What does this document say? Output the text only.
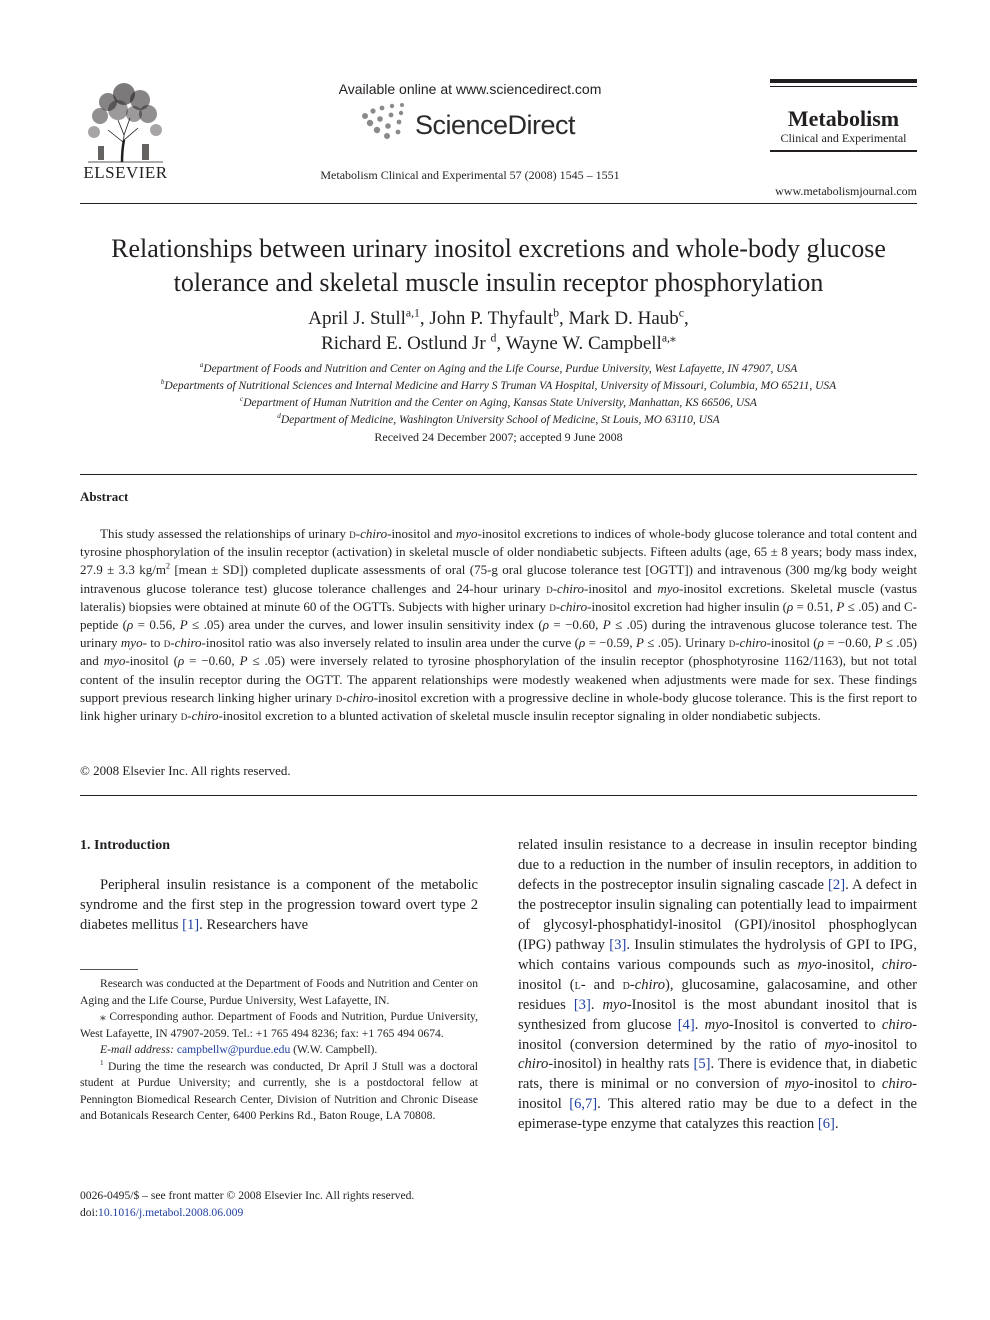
ELSEVIER
Available online at www.sciencedirect.com
ScienceDirect
Metabolism Clinical and Experimental 57 (2008) 1545 – 1551
Metabolism
Clinical and Experimental
www.metabolismjournal.com
Relationships between urinary inositol excretions and whole-body glucose tolerance and skeletal muscle insulin receptor phosphorylation
April J. Stull$^{a,1}$, John P. Thyfault$^b$, Mark D. Haub$^c$,
Richard E. Ostlund Jr $^d$, Wayne W. Campbell$^{a,⁎}$
$^a$Department of Foods and Nutrition and Center on Aging and the Life Course, Purdue University, West Lafayette, IN 47907, USA
$^b$Departments of Nutritional Sciences and Internal Medicine and Harry S Truman VA Hospital, University of Missouri, Columbia, MO 65211, USA
$^c$Department of Human Nutrition and the Center on Aging, Kansas State University, Manhattan, KS 66506, USA
$^d$Department of Medicine, Washington University School of Medicine, St Louis, MO 63110, USA
Received 24 December 2007; accepted 9 June 2008
Abstract
This study assessed the relationships of urinary d-chiro-inositol and myo-inositol excretions to indices of whole-body glucose tolerance and total content and tyrosine phosphorylation of the insulin receptor (activation) in skeletal muscle of older nondiabetic subjects. Fifteen adults (age, 65 ± 8 years; body mass index, 27.9 ± 3.3 $kg/m^2$ [mean ± SD]) completed duplicate assessments of oral (75-g oral glucose tolerance test [OGTT]) and intravenous (300 mg/kg body weight intravenous glucose tolerance test) glucose tolerance challenges and 24-hour urinary d-chiro-inositol and myo-inositol excretions. Skeletal muscle (vastus lateralis) biopsies were obtained at minute 60 of the OGTTs. Subjects with higher urinary d-chiro-inositol excretion had higher insulin (ρ = 0.51, P ≤ .05) and C-peptide (ρ = 0.56, P ≤ .05) area under the curves, and lower insulin sensitivity index (ρ = −0.60, P ≤ .05) during the intravenous glucose tolerance test. The urinary myo- to d-chiro-inositol ratio was also inversely related to insulin area under the curve (ρ = −0.59, P ≤ .05). Urinary d-chiro-inositol (ρ = −0.60, P ≤ .05) and myo-inositol (ρ = −0.60, P ≤ .05) were inversely related to tyrosine phosphorylation of the insulin receptor (phosphotyrosine 1162/1163), but not total content of the insulin receptor during the OGTT. The apparent relationships were modestly weakened when adjustments were made for sex. These findings support previous research linking higher urinary d-chiro-inositol excretion with a progressive decline in whole-body glucose tolerance. This is the first report to link higher urinary d-chiro-inositol excretion to a blunted activation of skeletal muscle insulin receptor signaling in older nondiabetic subjects.
© 2008 Elsevier Inc. All rights reserved.
1. Introduction
Peripheral insulin resistance is a component of the metabolic syndrome and the first step in the progression toward overt type 2 diabetes mellitus [1]. Researchers have
related insulin resistance to a decrease in insulin receptor binding due to a reduction in the number of insulin receptors, in addition to defects in the postreceptor insulin signaling cascade [2]. A defect in the postreceptor insulin signaling can potentially lead to impairment of glycosyl-phosphatidyl-inositol (GPI)/inositol phosphoglycan (IPG) pathway [3]. Insulin stimulates the hydrolysis of GPI to IPG, which contains various compounds such as myo-inositol, chiro-inositol (l- and d-chiro), glucosamine, galacosamine, and other residues [3]. myo-Inositol is the most abundant inositol that is synthesized from glucose [4]. myo-Inositol is converted to chiro-inositol (conversion determined by the ratio of myo-inositol to chiro-inositol) in healthy rats [5]. There is evidence that, in diabetic rats, there is minimal or no conversion of myo-inositol to chiro-inositol [6,7]. This altered ratio may be due to a defect in the epimerase-type enzyme that catalyzes this reaction [6].

Research was conducted at the Department of Foods and Nutrition and Center on Aging and the Life Course, Purdue University, West Lafayette, IN.

⁎ Corresponding author. Department of Foods and Nutrition, Purdue University, West Lafayette, IN 47907-2059. Tel.: +1 765 494 8236; fax: +1 765 494 0674.

E-mail address: campbellw@purdue.edu (W.W. Campbell).

$^1$ During the time the research was conducted, Dr April J Stull was a doctoral student at Purdue University; and currently, she is a postdoctoral fellow at Pennington Biomedical Research Center, Division of Nutrition and Chronic Disease and Botanicals Research Center, 6400 Perkins Rd., Baton Rouge, LA 70808.

0026-0495/$ – see front matter © 2008 Elsevier Inc. All rights reserved.
doi:10.1016/j.metabol.2008.06.009
